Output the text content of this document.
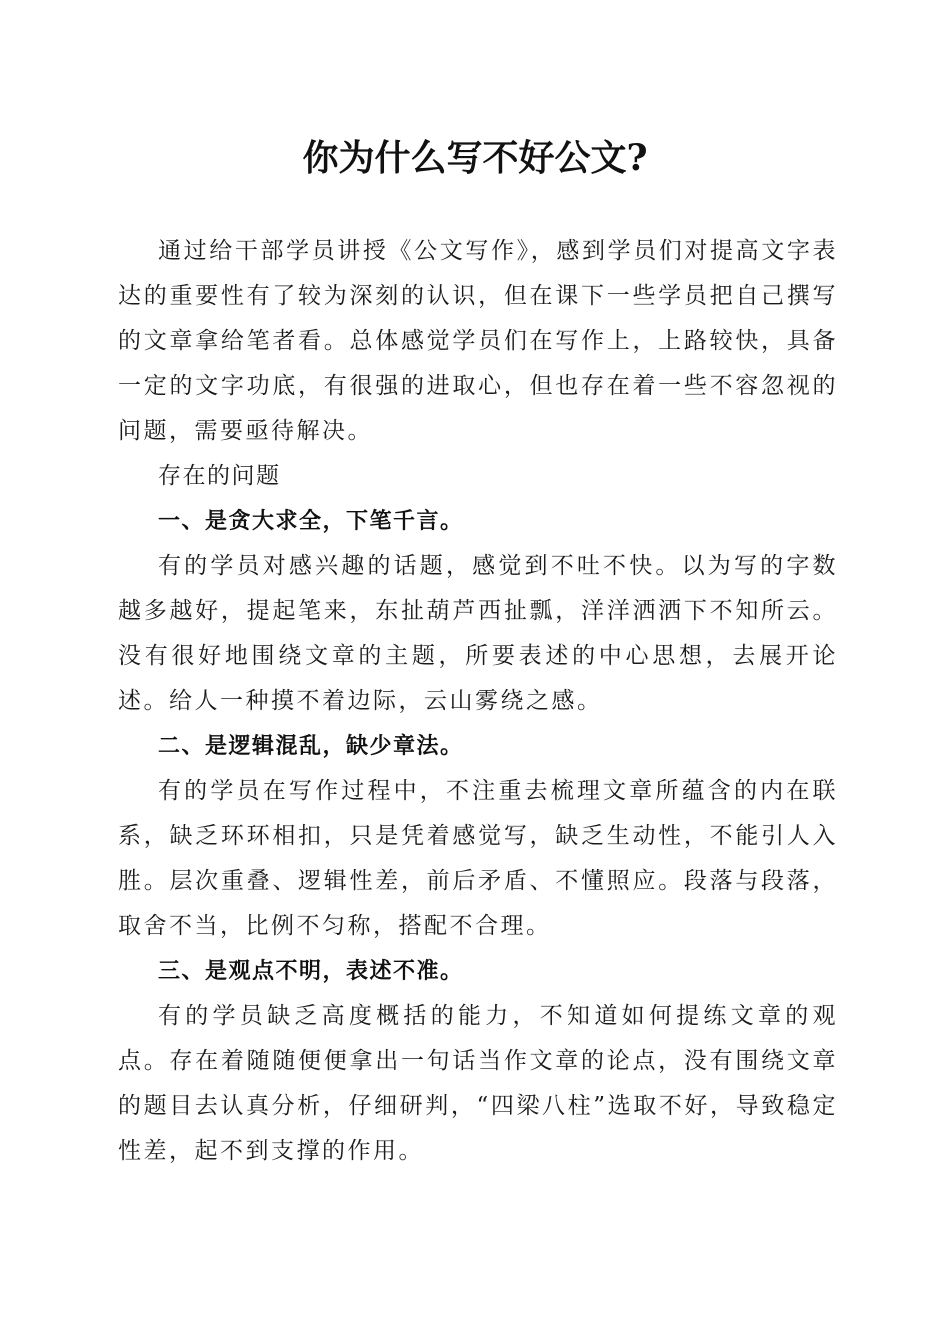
你为什么写不好公文?

通过给干部学员讲授《公文写作》，感到学员们对提高文字表达的重要性有了较为深刻的认识，但在课下一些学员把自己撰写的文章拿给笔者看。总体感觉学员们在写作上，上路较快，具备一定的文字功底，有很强的进取心，但也存在着一些不容忽视的问题，需要亟待解决。

存在的问题

一、是贪大求全，下笔千言。

有的学员对感兴趣的话题，感觉到不吐不快。以为写的字数越多越好，提起笔来，东扯葫芦西扯瓢，洋洋洒洒下不知所云。没有很好地围绕文章的主题，所要表述的中心思想，去展开论述。给人一种摸不着边际，云山雾绕之感。

二、是逻辑混乱，缺少章法。

有的学员在写作过程中，不注重去梳理文章所蕴含的内在联系，缺乏环环相扣，只是凭着感觉写，缺乏生动性，不能引人入胜。层次重叠、逻辑性差，前后矛盾、不懂照应。段落与段落，取舍不当，比例不匀称，搭配不合理。

三、是观点不明，表述不准。

有的学员缺乏高度概括的能力，不知道如何提练文章的观点。存在着随随便便拿出一句话当作文章的论点，没有围绕文章的题目去认真分析，仔细研判，“四梁八柱”选取不好，导致稳定性差，起不到支撑的作用。
